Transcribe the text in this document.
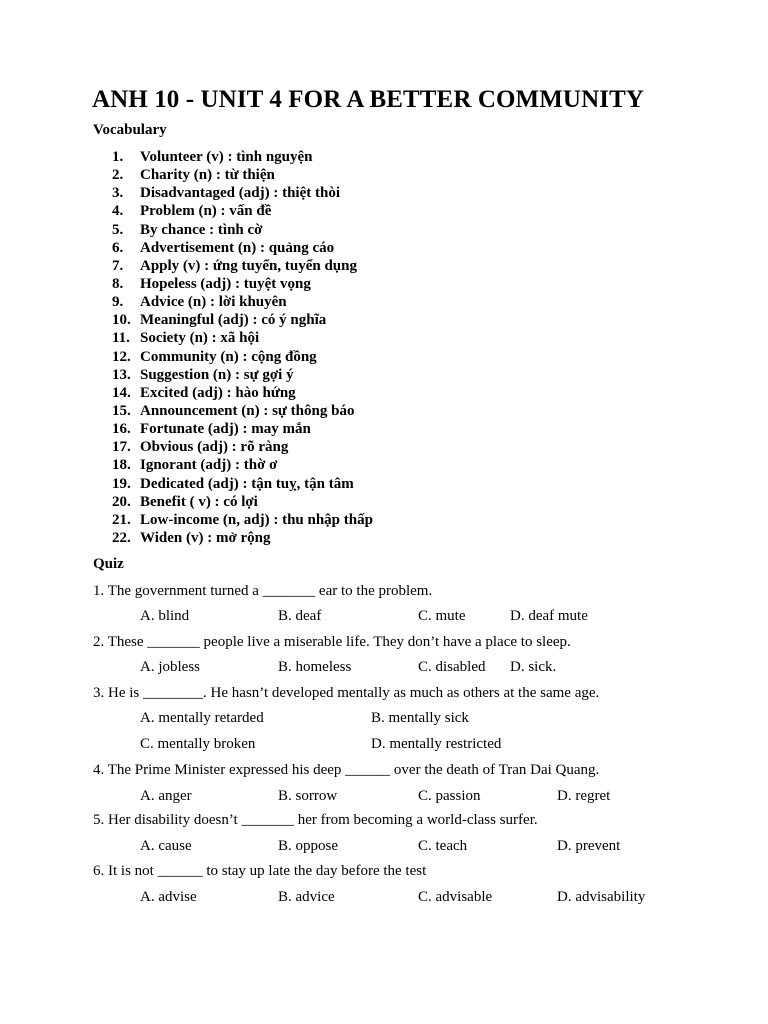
ANH 10 - UNIT 4 FOR A BETTER COMMUNITY
Vocabulary
1. Volunteer (v) : tình nguyện
2. Charity (n) : từ thiện
3. Disadvantaged (adj) : thiệt thòi
4. Problem (n) : vấn đề
5. By chance : tình cờ
6. Advertisement (n) : quảng cáo
7. Apply (v) : ứng tuyển, tuyển dụng
8. Hopeless (adj) : tuyệt vọng
9. Advice (n) : lời khuyên
10. Meaningful (adj) : có ý nghĩa
11. Society (n) : xã hội
12. Community (n) : cộng đồng
13. Suggestion (n) : sự gợi ý
14. Excited (adj) : hào hứng
15. Announcement (n) : sự thông báo
16. Fortunate (adj) : may mắn
17. Obvious (adj) : rõ ràng
18. Ignorant (adj) : thờ ơ
19. Dedicated (adj) : tận tuỵ, tận tâm
20. Benefit ( v) : có lợi
21. Low-income (n, adj) : thu nhập thấp
22. Widen (v) : mở rộng
Quiz
1. The government turned a _______ ear to the problem.
A. blind	B. deaf	C. mute	D. deaf mute
2. These _______ people live a miserable life. They don’t have a place to sleep.
A. jobless	B. homeless	C. disabled D. sick.
3. He is ________. He hasn’t developed mentally as much as others at the same age.
A. mentally retarded	B. mentally sick
C. mentally broken	D. mentally restricted
4. The Prime Minister expressed his deep ______ over the death of Tran Dai Quang.
A. anger	B. sorrow	C. passion	D. regret
5. Her disability doesn’t _______ her from becoming a world-class surfer.
A. cause	B. oppose	C. teach	D. prevent
6. It is not ______ to stay up late the day before the test
A. advise	B. advice	C. advisable	D. advisability
